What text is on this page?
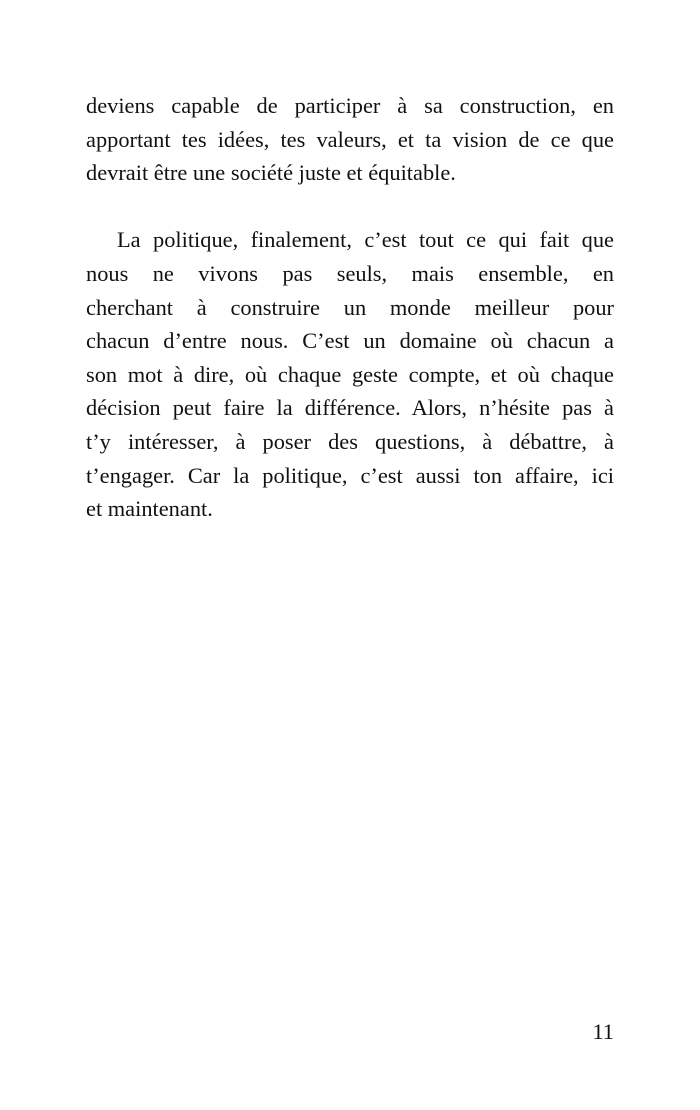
deviens capable de participer à sa construction, en
apportant tes idées, tes valeurs, et ta vision de ce que
devrait être une société juste et équitable.
La politique, finalement, c’est tout ce qui fait que
nous ne vivons pas seuls, mais ensemble, en
cherchant à construire un monde meilleur pour
chacun d’entre nous. C’est un domaine où chacun a
son mot à dire, où chaque geste compte, et où chaque
décision peut faire la différence. Alors, n’hésite pas à
t’y intéresser, à poser des questions, à débattre, à
t’engager. Car la politique, c’est aussi ton affaire, ici
et maintenant.
11
